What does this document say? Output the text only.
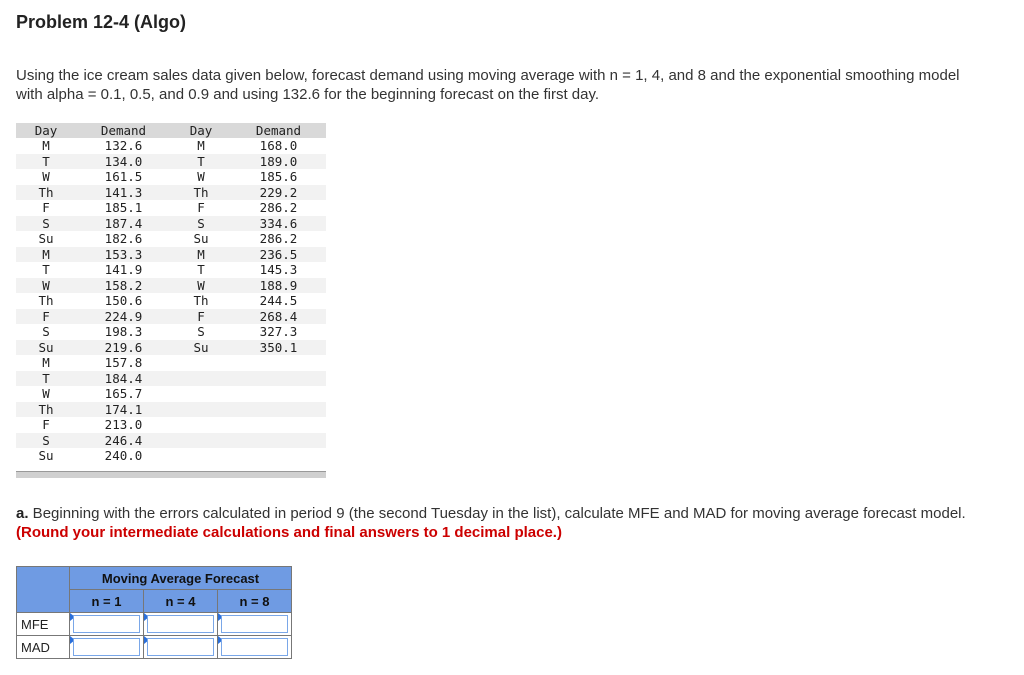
Problem 12-4 (Algo)
Using the ice cream sales data given below, forecast demand using moving average with n = 1, 4, and 8 and the exponential smoothing model with alpha = 0.1, 0.5, and 0.9 and using 132.6 for the beginning forecast on the first day.
Day	Demand	Day	Demand
M	132.6	M	168.0
T	134.0	T	189.0
W	161.5	W	185.6
Th	141.3	Th	229.2
F	185.1	F	286.2
S	187.4	S	334.6
Su	182.6	Su	286.2
M	153.3	M	236.5
T	141.9	T	145.3
W	158.2	W	188.9
Th	150.6	Th	244.5
F	224.9	F	268.4
S	198.3	S	327.3
Su	219.6	Su	350.1
M	157.8		
T	184.4		
W	165.7		
Th	174.1		
F	213.0		
S	246.4		
Su	240.0		
a. Beginning with the errors calculated in period 9 (the second Tuesday in the list), calculate MFE and MAD for moving average forecast model. (Round your intermediate calculations and final answers to 1 decimal place.)
	Moving Average Forecast		
	n = 1	n = 4	n = 8
MFE	

MAD	
